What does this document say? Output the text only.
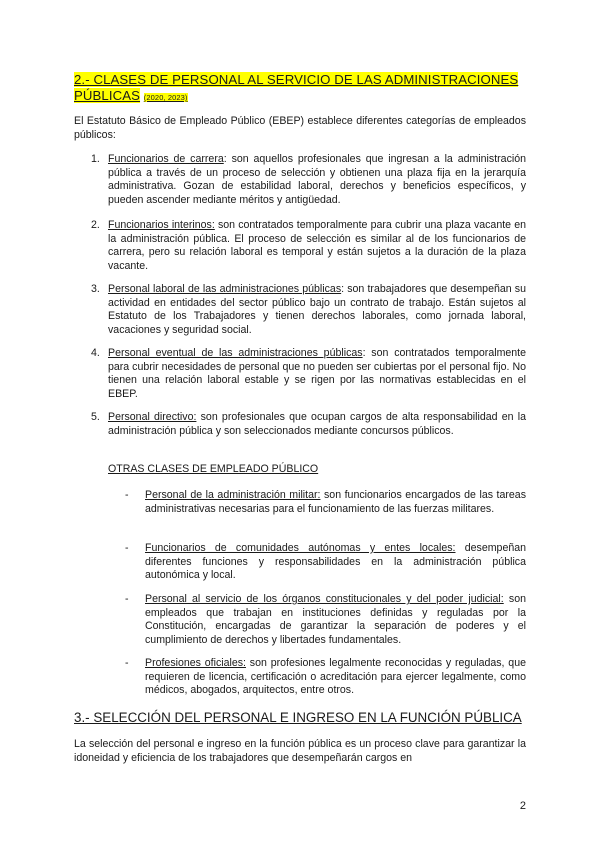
2.- CLASES DE PERSONAL AL SERVICIO DE LAS ADMINISTRACIONES PÚBLICAS (2020, 2023)
El Estatuto Básico de Empleado Público (EBEP) establece diferentes categorías de empleados públicos:
1. Funcionarios de carrera: son aquellos profesionales que ingresan a la administración pública a través de un proceso de selección y obtienen una plaza fija en la jerarquía administrativa. Gozan de estabilidad laboral, derechos y beneficios específicos, y pueden ascender mediante méritos y antigüedad.
2. Funcionarios interinos: son contratados temporalmente para cubrir una plaza vacante en la administración pública. El proceso de selección es similar al de los funcionarios de carrera, pero su relación laboral es temporal y están sujetos a la duración de la plaza vacante.
3. Personal laboral de las administraciones públicas: son trabajadores que desempeñan su actividad en entidades del sector público bajo un contrato de trabajo. Están sujetos al Estatuto de los Trabajadores y tienen derechos laborales, como jornada laboral, vacaciones y seguridad social.
4. Personal eventual de las administraciones públicas: son contratados temporalmente para cubrir necesidades de personal que no pueden ser cubiertas por el personal fijo. No tienen una relación laboral estable y se rigen por las normativas establecidas en el EBEP.
5. Personal directivo: son profesionales que ocupan cargos de alta responsabilidad en la administración pública y son seleccionados mediante concursos públicos.
OTRAS CLASES DE EMPLEADO PÚBLICO
- Personal de la administración militar: son funcionarios encargados de las tareas administrativas necesarias para el funcionamiento de las fuerzas militares.
- Funcionarios de comunidades autónomas y entes locales: desempeñan diferentes funciones y responsabilidades en la administración pública autonómica y local.
- Personal al servicio de los órganos constitucionales y del poder judicial: son empleados que trabajan en instituciones definidas y reguladas por la Constitución, encargadas de garantizar la separación de poderes y el cumplimiento de derechos y libertades fundamentales.
- Profesiones oficiales: son profesiones legalmente reconocidas y reguladas, que requieren de licencia, certificación o acreditación para ejercer legalmente, como médicos, abogados, arquitectos, entre otros.
3.- SELECCIÓN DEL PERSONAL E INGRESO EN LA FUNCIÓN PÚBLICA
La selección del personal e ingreso en la función pública es un proceso clave para garantizar la idoneidad y eficiencia de los trabajadores que desempeñarán cargos en
2
